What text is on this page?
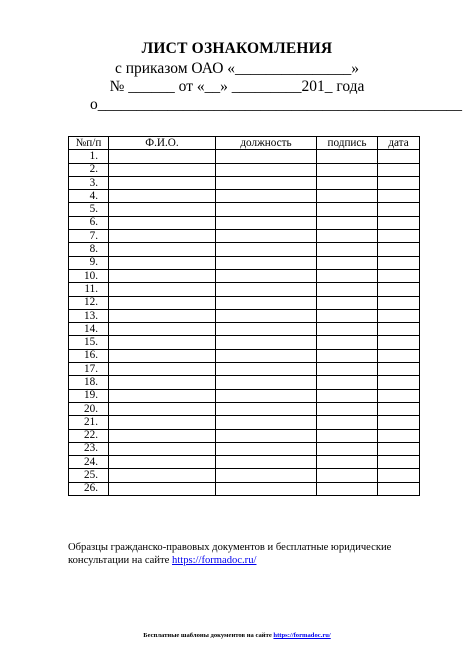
ЛИСТ ОЗНАКОМЛЕНИЯ
с приказом ОАО «_______________»
№ ______ от «__» _________201_ года
о_______________________________________________
№п/п	Ф.И.О.	должность	подпись	дата
1.				
2.				
3.				
4.				
5.				
6.				
7.				
8.				
9.				
10.				
11.				
12.				
13.				
14.				
15.				
16.				
17.				
18.				
19.				
20.				
21.				
22.				
23.				
24.				
25.				
26.				
Образцы гражданско-правовых документов и бесплатные юридические консультации на сайте https://formadoc.ru/
Бесплатные шаблоны документов на сайте https://formadoc.ru/
